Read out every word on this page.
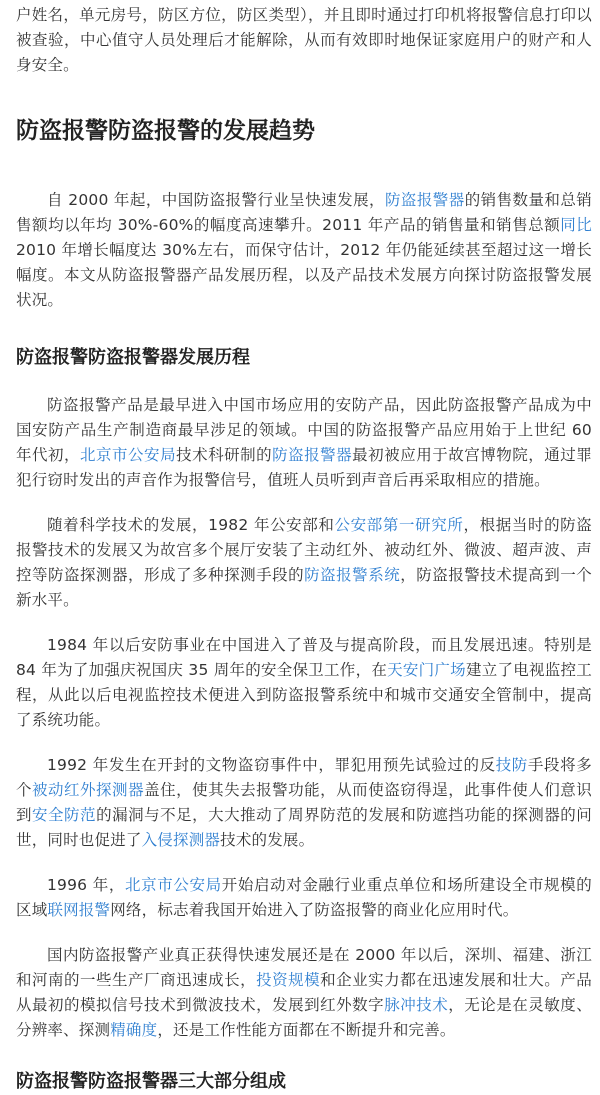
户姓名，单元房号，防区方位，防区类型），并且即时通过打印机将报警信息打印以被查验，中心值守人员处理后才能解除，从而有效即时地保证家庭用户的财产和人身安全。

防盗报警防盗报警的发展趋势

自 2000 年起，中国防盗报警行业呈快速发展，防盗报警器的销售数量和总销售额均以年均 30%-60%的幅度高速攀升。2011 年产品的销售量和销售总额同比 2010 年增长幅度达 30%左右，而保守估计，2012 年仍能延续甚至超过这一增长幅度。本文从防盗报警器产品发展历程，以及产品技术发展方向探讨防盗报警发展状况。

防盗报警防盗报警器发展历程

防盗报警产品是最早进入中国市场应用的安防产品，因此防盗报警产品成为中国安防产品生产制造商最早涉足的领域。中国的防盗报警产品应用始于上世纪 60 年代初，北京市公安局技术科研制的防盗报警器最初被应用于故宫博物院，通过罪犯行窃时发出的声音作为报警信号，值班人员听到声音后再采取相应的措施。

随着科学技术的发展，1982 年公安部和公安部第一研究所，根据当时的防盗报警技术的发展又为故宫多个展厅安装了主动红外、被动红外、微波、超声波、声控等防盗探测器，形成了多种探测手段的防盗报警系统，防盗报警技术提高到一个新水平。

1984 年以后安防事业在中国进入了普及与提高阶段，而且发展迅速。特别是 84 年为了加强庆祝国庆 35 周年的安全保卫工作，在天安门广场建立了电视监控工程，从此以后电视监控技术便进入到防盗报警系统中和城市交通安全管制中，提高了系统功能。

1992 年发生在开封的文物盗窃事件中，罪犯用预先试验过的反技防手段将多个被动红外探测器盖住，使其失去报警功能，从而使盗窃得逞，此事件使人们意识到安全防范的漏洞与不足，大大推动了周界防范的发展和防遮挡功能的探测器的问世，同时也促进了入侵探测器技术的发展。

1996 年，北京市公安局开始启动对金融行业重点单位和场所建设全市规模的区域联网报警网络，标志着我国开始进入了防盗报警的商业化应用时代。

国内防盗报警产业真正获得快速发展还是在 2000 年以后，深圳、福建、浙江和河南的一些生产厂商迅速成长，投资规模和企业实力都在迅速发展和壮大。产品从最初的模拟信号技术到微波技术，发展到红外数字脉冲技术，无论是在灵敏度、分辨率、探测精确度，还是工作性能方面都在不断提升和完善。

防盗报警防盗报警器三大部分组成
